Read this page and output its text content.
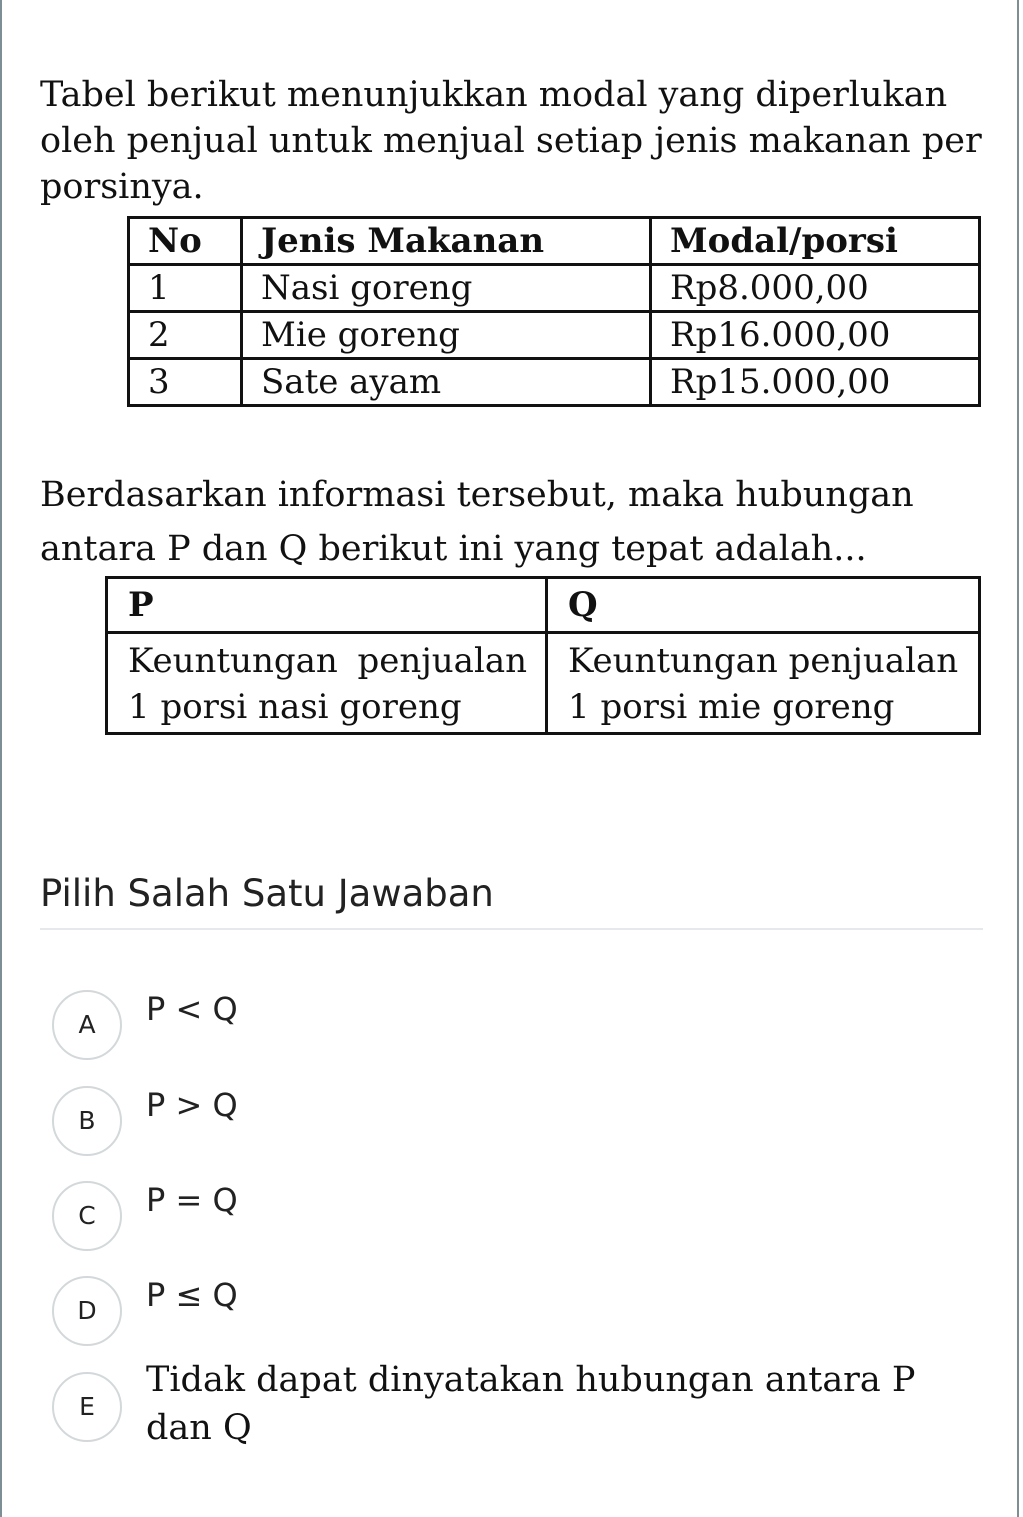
Tabel berikut menunjukkan modal yang diperlukan oleh penjual untuk menjual setiap jenis makanan per porsinya.

No	Jenis Makanan	Modal/porsi
1	Nasi goreng	Rp8.000,00
2	Mie goreng	Rp16.000,00
3	Sate ayam	Rp15.000,00

Berdasarkan informasi tersebut, maka hubungan antara P dan Q berikut ini yang tepat adalah...

P	Q
Keuntungan penjualan 1 porsi nasi goreng	Keuntungan penjualan 1 porsi mie goreng
Pilih Salah Satu Jawaban
A	P < Q
B	P > Q
C	P = Q
D	P ≤ Q
E
Tidak dapat dinyatakan hubungan antara P dan Q
